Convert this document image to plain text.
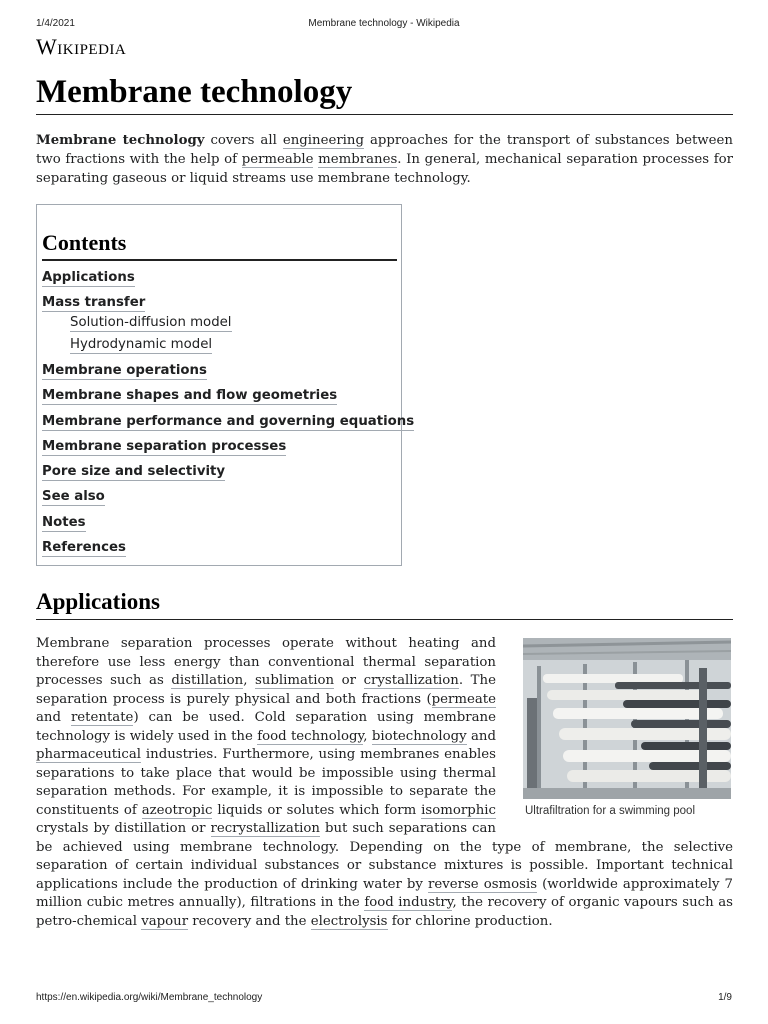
1/4/2021	Membrane technology - Wikipedia
Wikipedia
Membrane technology

Membrane technology covers all engineering approaches for the transport of substances between two fractions with the help of permeable membranes. In general, mechanical separation processes for separating gaseous or liquid streams use membrane technology.

Contents
Applications
Mass transfer
Solution-diffusion model
Hydrodynamic model
Membrane operations
Membrane shapes and flow geometries
Membrane performance and governing equations
Membrane separation processes
Pore size and selectivity
See also
Notes
References
Applications

Ultrafiltration for a swimming pool
Membrane separation processes operate without heating and therefore use less energy than conventional thermal separation processes such as distillation, sublimation or crystallization. The separation process is purely physical and both fractions (permeate and retentate) can be used. Cold separation using membrane technology is widely used in the food technology, biotechnology and pharmaceutical industries. Furthermore, using membranes enables separations to take place that would be impossible using thermal separation methods. For example, it is impossible to separate the constituents of azeotropic liquids or solutes which form isomorphic crystals by distillation or recrystallization but such separations can be achieved using membrane technology. Depending on the type of membrane, the selective separation of certain individual substances or substance mixtures is possible. Important technical applications include the production of drinking water by reverse osmosis (worldwide approximately 7 million cubic metres annually), filtrations in the food industry, the recovery of organic vapours such as petro-chemical vapour recovery and the electrolysis for chlorine production.

https://en.wikipedia.org/wiki/Membrane_technology	1/9
